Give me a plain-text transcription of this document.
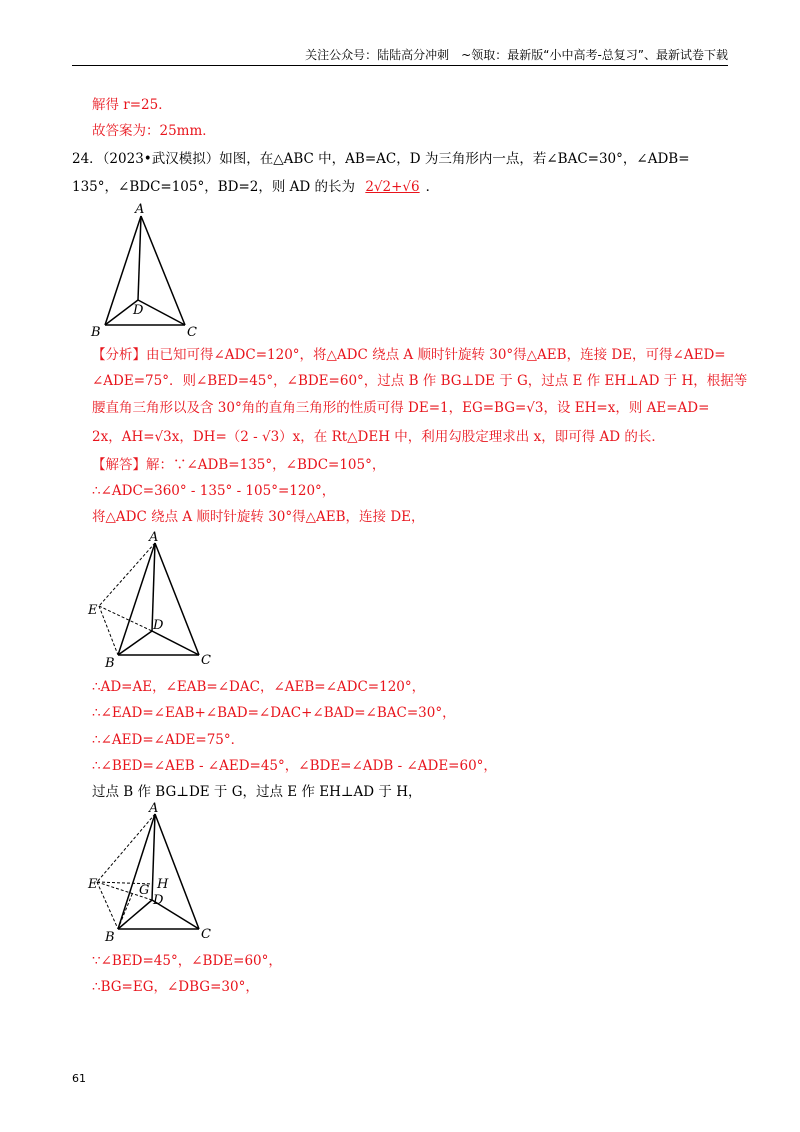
关注公众号：陆陆高分冲刺　~领取：最新版“小中高考-总复习”、最新试卷下载
解得 r=25．
故答案为：25mm．
24．（2023•武汉模拟）如图，在△ABC 中，AB=AC，D 为三角形内一点，若∠BAC=30°，∠ADB=
135°，∠BDC=105°，BD=2，则 AD 的长为 2√2+√6 ．
A
B	C
D
【分析】由已知可得∠ADC=120°，将△ADC 绕点 A 顺时针旋转 30°得△AEB，连接 DE，可得∠AED=
∠ADE=75°．则∠BED=45°，∠BDE=60°，过点 B 作 BG⊥DE 于 G，过点 E 作 EH⊥AD 于 H，根据等
腰直角三角形以及含 30°角的直角三角形的性质可得 DE=1，EG=BG=√3，设 EH=x，则 AE=AD=
2x，AH=√3x，DH=（2 - √3）x，在 Rt△DEH 中，利用勾股定理求出 x，即可得 AD 的长．
【解答】解：∵∠ADB=135°，∠BDC=105°，
∴∠ADC=360° - 135° - 105°=120°，
将△ADC 绕点 A 顺时针旋转 30°得△AEB，连接 DE，
A
E
B	C
D
∴AD=AE，∠EAB=∠DAC，∠AEB=∠ADC=120°，
∴∠EAD=∠EAB+∠BAD=∠DAC+∠BAD=∠BAC=30°，
∴∠AED=∠ADE=75°．
∴∠BED=∠AEB - ∠AED=45°，∠BDE=∠ADB - ∠ADE=60°，
过点 B 作 BG⊥DE 于 G，过点 E 作 EH⊥AD 于 H，
A
E	G H
D
B	C
∵∠BED=45°，∠BDE=60°，
∴BG=EG，∠DBG=30°，
61
